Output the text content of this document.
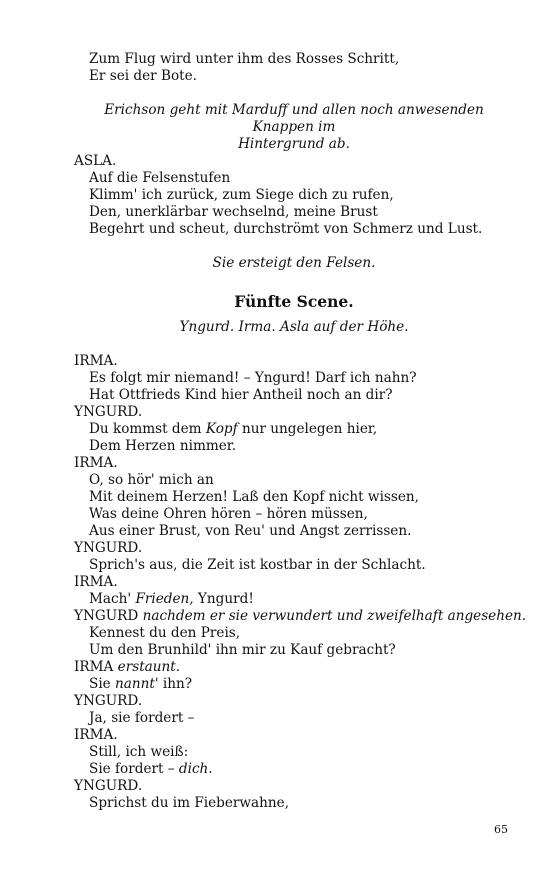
Zum Flug wird unter ihm des Rosses Schritt,
Er sei der Bote.
Erichson geht mit Marduff und allen noch anwesenden Knappen im
Hintergrund ab.
ASLA.
Auf die Felsenstufen
Klimm' ich zurück, zum Siege dich zu rufen,
Den, unerklärbar wechselnd, meine Brust
Begehrt und scheut, durchströmt von Schmerz und Lust.
Sie ersteigt den Felsen.
Fünfte Scene.
Yngurd. Irma. Asla auf der Höhe.
IRMA.
Es folgt mir niemand! – Yngurd! Darf ich nahn?
Hat Ottfrieds Kind hier Antheil noch an dir?
YNGURD.
Du kommst dem Kopf nur ungelegen hier,
Dem Herzen nimmer.
IRMA.
O, so hör' mich an
Mit deinem Herzen! Laß den Kopf nicht wissen,
Was deine Ohren hören – hören müssen,
Aus einer Brust, von Reu' und Angst zerrissen.
YNGURD.
Sprich's aus, die Zeit ist kostbar in der Schlacht.
IRMA.
Mach' Frieden, Yngurd!
YNGURD nachdem er sie verwundert und zweifelhaft angesehen.
Kennest du den Preis,
Um den Brunhild' ihn mir zu Kauf gebracht?
IRMA erstaunt.
Sie nannt' ihn?
YNGURD.
Ja, sie fordert –
IRMA.
Still, ich weiß:
Sie fordert – dich.
YNGURD.
Sprichst du im Fieberwahne,
65
